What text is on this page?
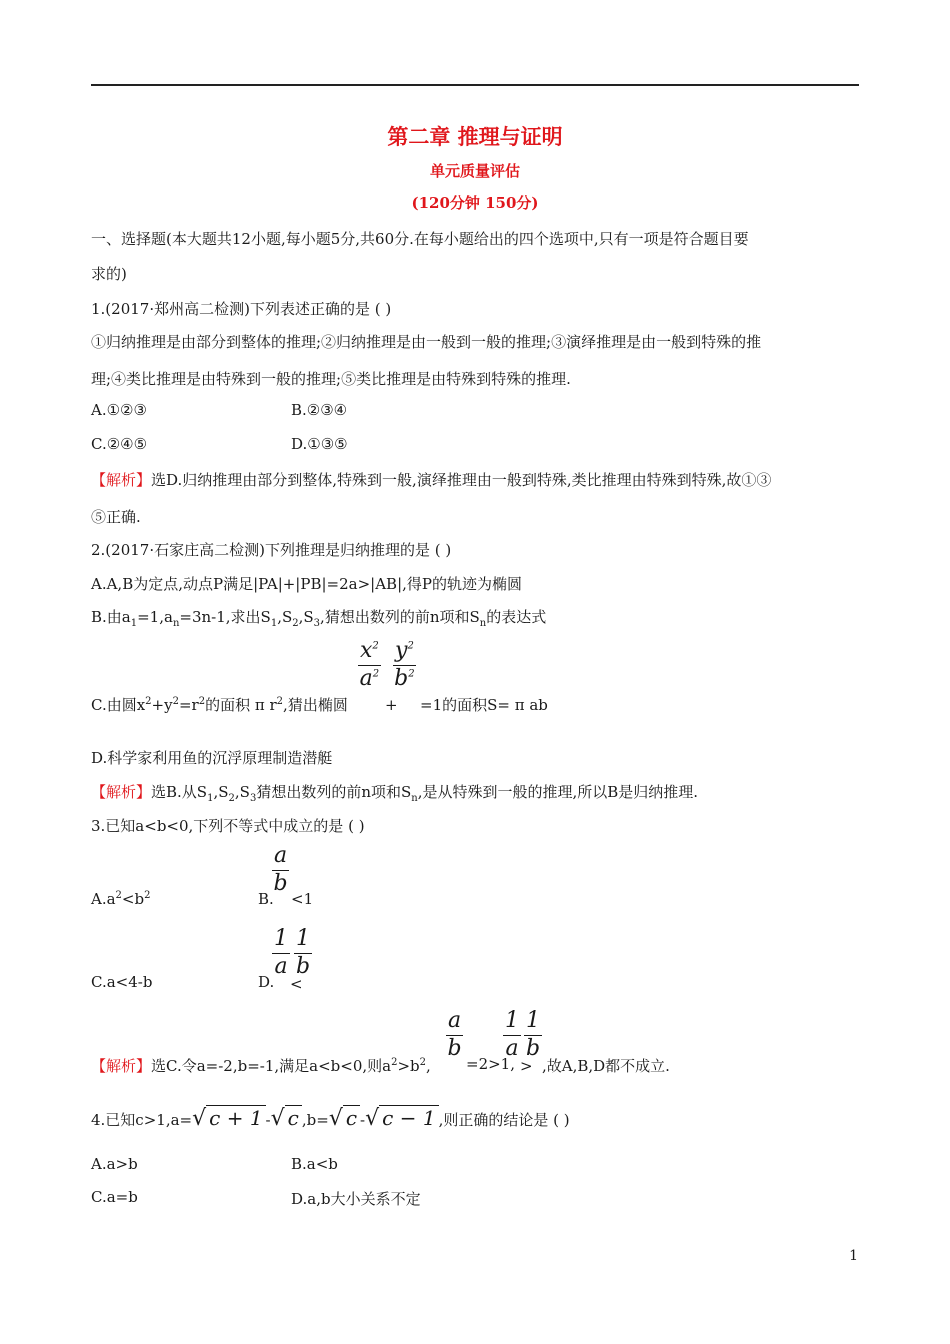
第二章 推理与证明
单元质量评估
(120分钟 150分)
一、选择题(本大题共12小题,每小题5分,共60分.在每小题给出的四个选项中,只有一项是符合题目要
求的)
1.(2017·郑州高二检测)下列表述正确的是 ( )
①归纳推理是由部分到整体的推理;②归纳推理是由一般到一般的推理;③演绎推理是由一般到特殊的推
理;④类比推理是由特殊到一般的推理;⑤类比推理是由特殊到特殊的推理.
A.①②③	B.②③④
C.②④⑤	D.①③⑤
【解析】选D.归纳推理由部分到整体,特殊到一般,演绎推理由一般到特殊,类比推理由特殊到特殊,故①③
⑤正确.
2.(2017·石家庄高二检测)下列推理是归纳推理的是 ( )
A.A,B为定点,动点P满足|PA|+|PB|=2a>|AB|,得P的轨迹为椭圆
B.由$a_1=1,a_n=3n-1$,求出$S_1,S_2,S_3$,猜想出数列的前n项和$S_n$的表达式
C.由圆$x^2+y^2=r^2$的面积 π $r^2$,猜出椭圆
$\frac{x^2}{a^2}$
+
$\frac{y^2}{b^2}$
=1的面积S= π ab
D.科学家利用鱼的沉浮原理制造潜艇
【解析】选B.从$S_1,S_2,S_3$猜想出数列的前n项和$S_n$,是从特殊到一般的推理,所以B是归纳推理.
3.已知a<b<0,下列不等式中成立的是 ( )
$A.a^2<b^2$	B.
$\frac{a}{b}$
<1
C.a<4-b	D.
$\frac{1}{a}$
<
$\frac{1}{b}$
【解析】选C.令a=-2,b=-1,满足a<b<0,则$a^2>b^2$,
$\frac{a}{b}$
=2>1,
$\frac{1}{a}$
>
$\frac{1}{b}$
,故A,B,D都不成立.
4.已知c>1,a=√ c + 1 -√ c ,b=√ c -√ c − 1 ,则正确的结论是 ( )
A.a>b	B.a<b
C.a=b	D.a,b大小关系不定
1
